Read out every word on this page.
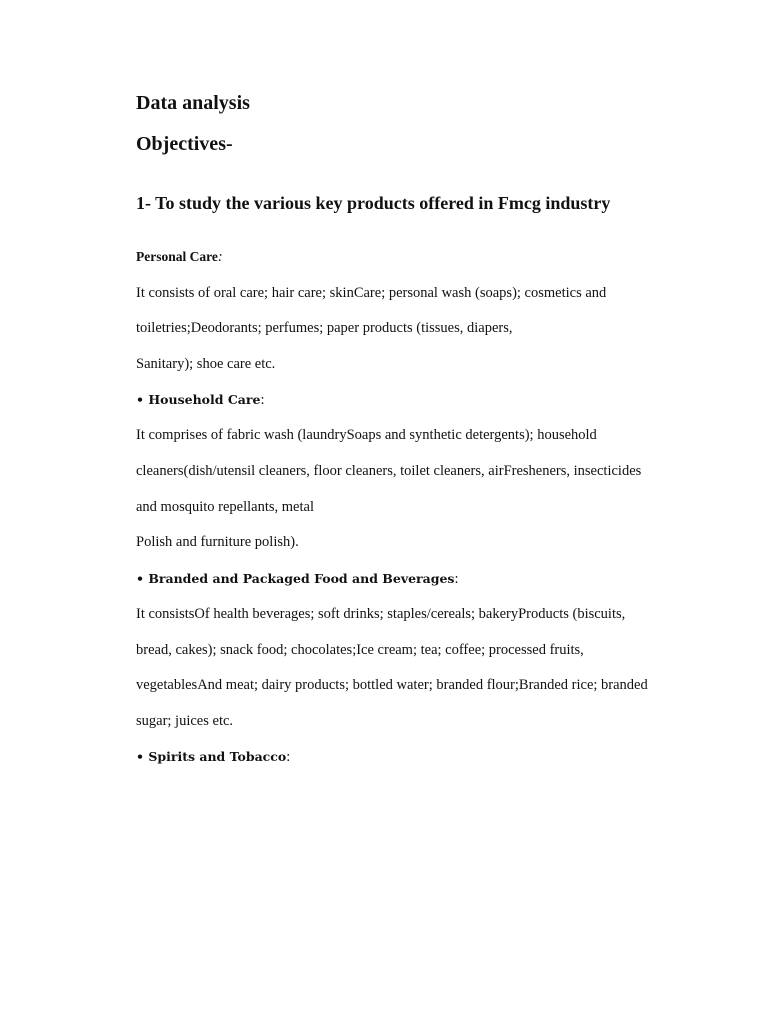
Data analysis
Objectives-
1- To study the various key products offered in Fmcg industry
Personal Care:
It consists of oral care; hair care; skinCare; personal wash (soaps); cosmetics and
toiletries;Deodorants; perfumes; paper products (tissues, diapers,
Sanitary); shoe care etc.
• Household Care:
It comprises of fabric wash (laundrySoaps and synthetic detergents); household
cleaners(dish/utensil cleaners, floor cleaners, toilet cleaners, airFresheners, insecticides
and mosquito repellants, metal
Polish and furniture polish).
• Branded and Packaged Food and Beverages:
It consistsOf health beverages; soft drinks; staples/cereals; bakeryProducts (biscuits,
bread, cakes); snack food; chocolates;Ice cream; tea; coffee; processed fruits,
vegetablesAnd meat; dairy products; bottled water; branded flour;Branded rice; branded
sugar; juices etc.
• Spirits and Tobacco:
